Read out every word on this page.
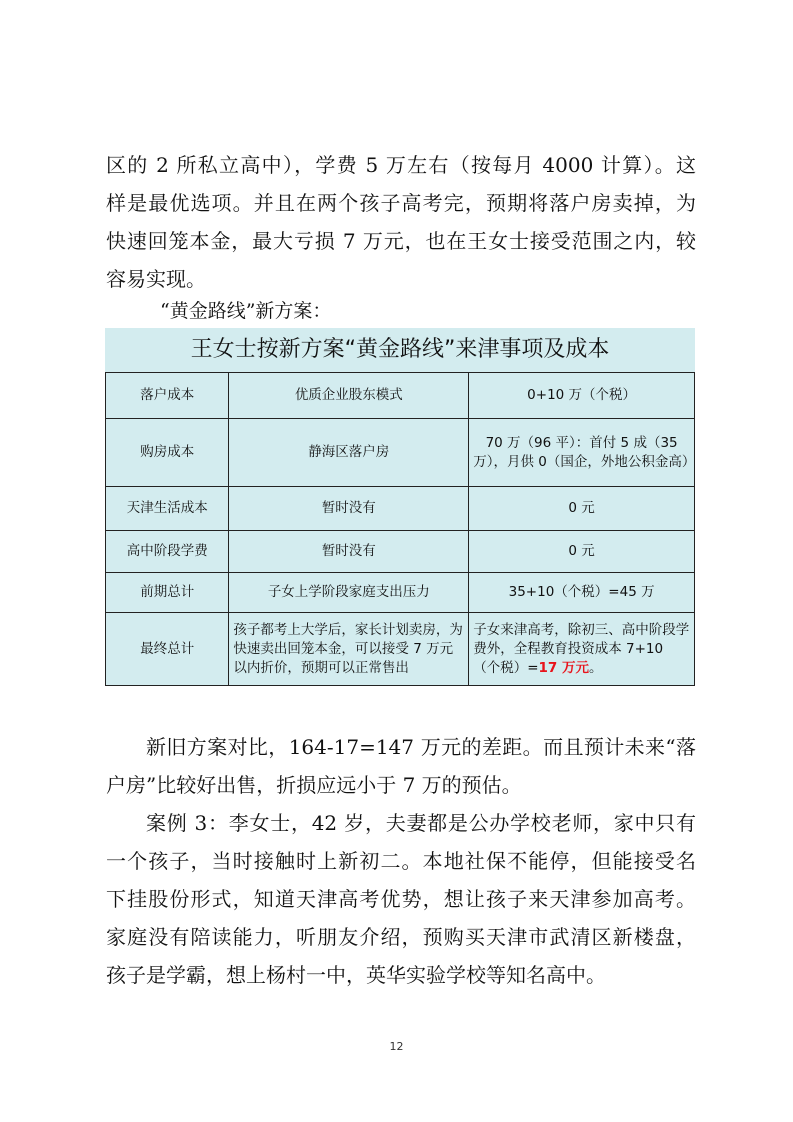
区的 2 所私立高中），学费 5 万左右（按每月 4000 计算）。这
样是最优选项。并且在两个孩子高考完，预期将落户房卖掉，为
快速回笼本金，最大亏损 7 万元，也在王女士接受范围之内，较
容易实现。
“黄金路线”新方案：
王女士按新方案“黄金路线”来津事项及成本
落户成本	优质企业股东模式	0+10 万（个税）
购房成本	静海区落户房	70 万（96 平）：首付 5 成（35 万），月供 0（国企，外地公积金高）
天津生活成本	暂时没有	0 元
高中阶段学费	暂时没有	0 元
前期总计	子女上学阶段家庭支出压力	35+10（个税）=45 万
最终总计	孩子都考上大学后，家长计划卖房，为快速卖出回笼本金，可以接受 7 万元以内折价，预期可以正常售出	子女来津高考，除初三、高中阶段学费外，全程教育投资成本 7+10（个税）=17 万元。
新旧方案对比，164-17=147 万元的差距。而且预计未来“落
户房”比较好出售，折损应远小于 7 万的预估。
案例 3：李女士，42 岁，夫妻都是公办学校老师，家中只有
一个孩子，当时接触时上新初二。本地社保不能停，但能接受名
下挂股份形式，知道天津高考优势，想让孩子来天津参加高考。
家庭没有陪读能力，听朋友介绍，预购买天津市武清区新楼盘，
孩子是学霸，想上杨村一中，英华实验学校等知名高中。
12
